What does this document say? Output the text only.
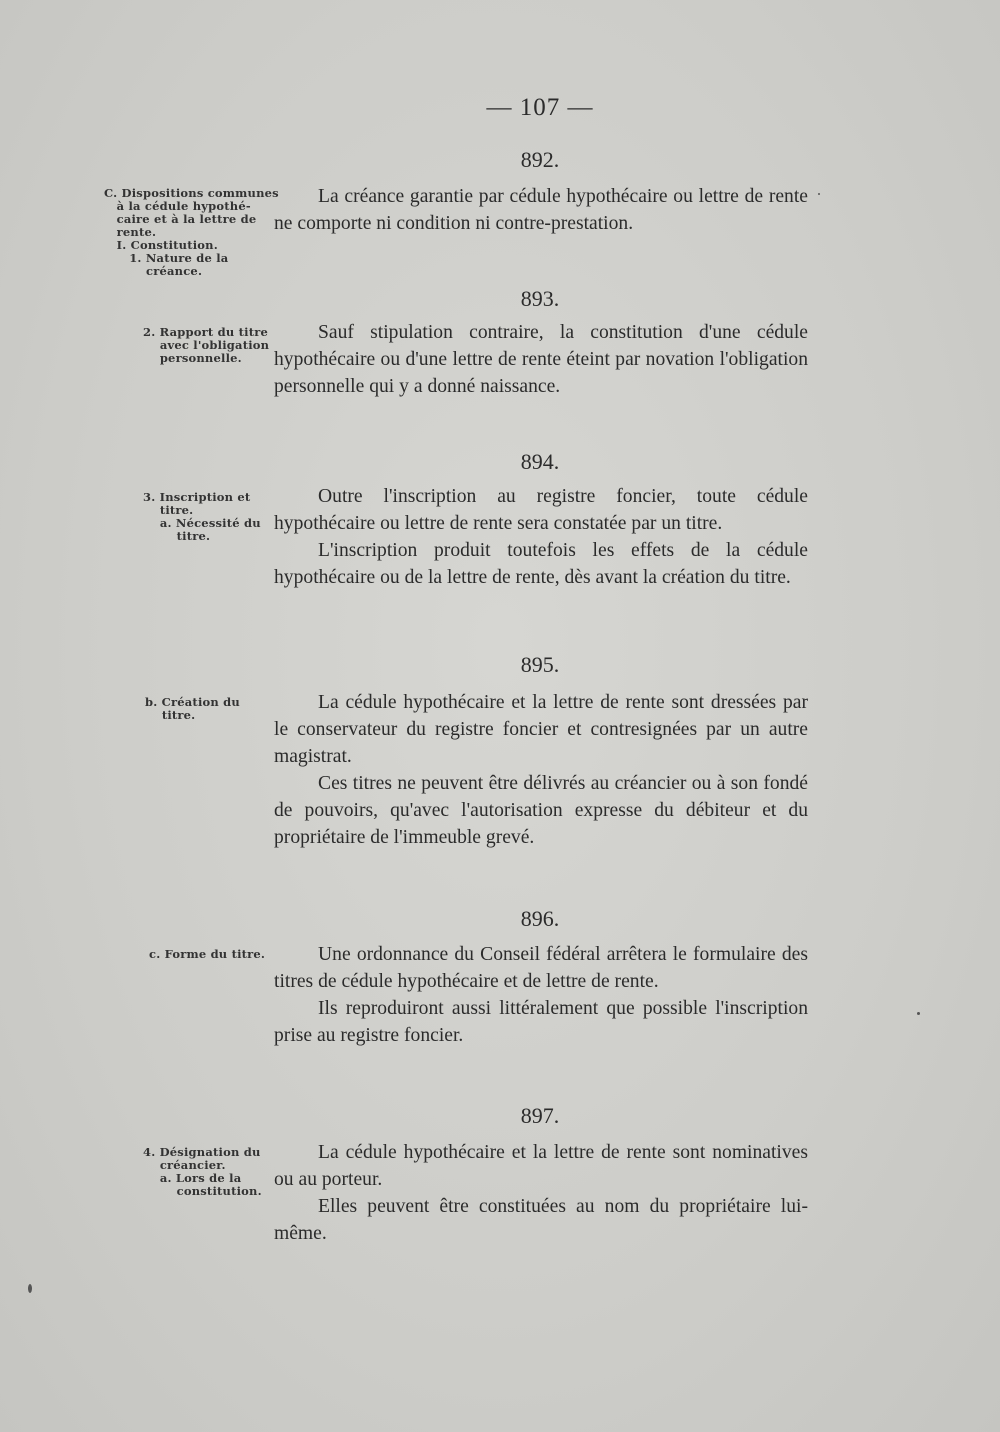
— 107 —
892.
C. Dispositions communes
à la cédule hypothé-
caire et à la lettre de
rente.
I. Constitution.
1. Nature de la
créance.

La créance garantie par cédule hypothécaire ou lettre de rente ne comporte ni condition ni contre-prestation.

893.
2. Rapport du titre
avec l'obligation
personnelle.

Sauf stipulation contraire, la constitution d'une cédule hypothécaire ou d'une lettre de rente éteint par novation l'obligation personnelle qui y a donné naissance.

894.
3. Inscription et
titre.
a. Nécessité du
titre.

Outre l'inscription au registre foncier, toute cédule hypothécaire ou lettre de rente sera constatée par un titre.

L'inscription produit toutefois les effets de la cédule hypothécaire ou de la lettre de rente, dès avant la création du titre.

895.
b. Création du
titre.

La cédule hypothécaire et la lettre de rente sont dressées par le conservateur du registre foncier et contresignées par un autre magistrat.

Ces titres ne peuvent être délivrés au créancier ou à son fondé de pouvoirs, qu'avec l'autorisation expresse du débiteur et du propriétaire de l'immeuble grevé.

896.
c. Forme du titre.	Une ordonnance du Conseil fédéral arrêtera le formulaire des titres de cédule hypothécaire et de lettre de rente.

Ils reproduiront aussi littéralement que possible l'inscription prise au registre foncier.

897.
4. Désignation du
créancier.
a. Lors de la
constitution.

La cédule hypothécaire et la lettre de rente sont nominatives ou au porteur.

Elles peuvent être constituées au nom du propriétaire lui-même.
